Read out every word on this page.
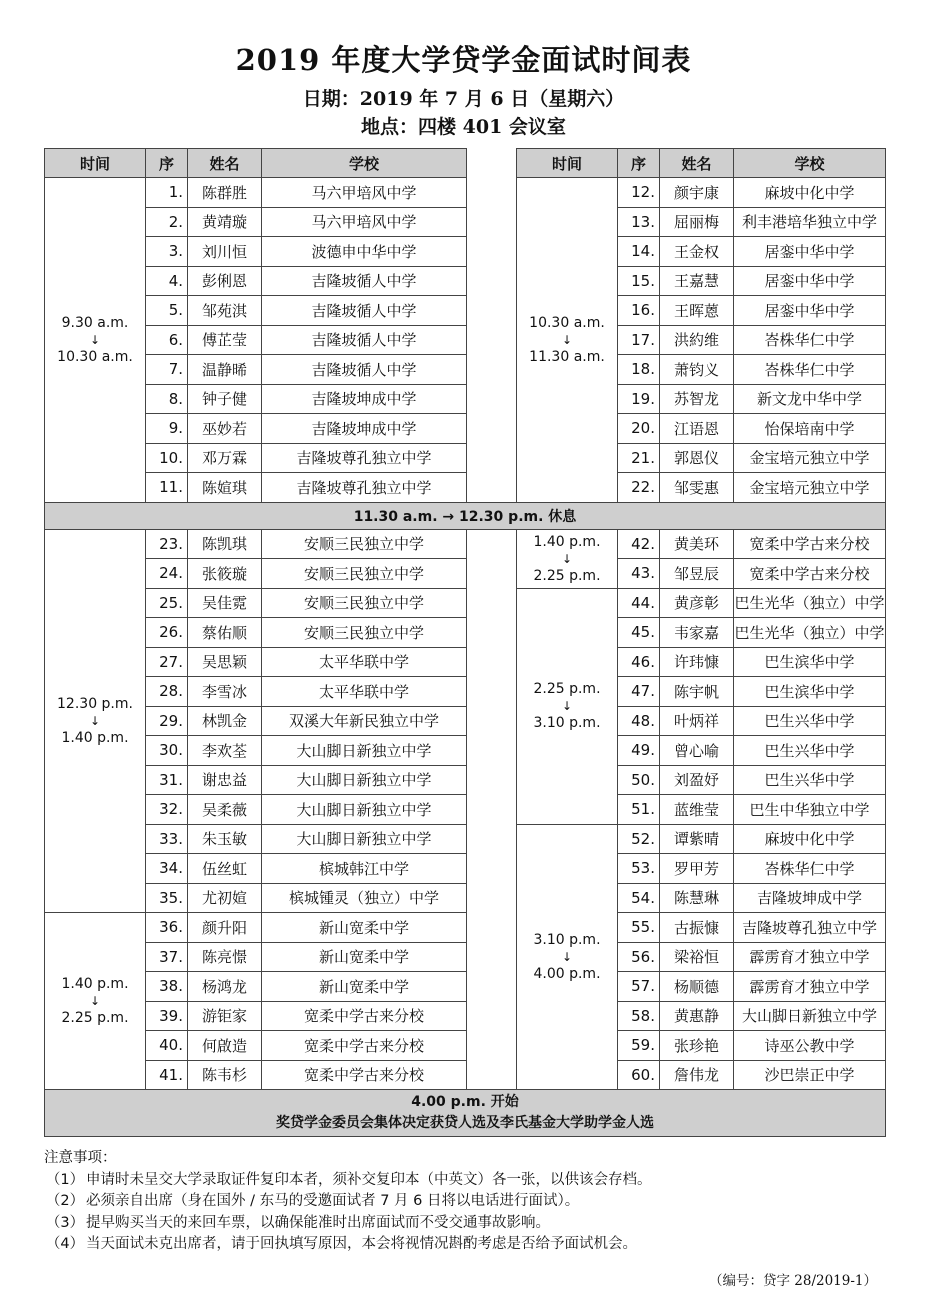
2019 年度大学贷学金面试时间表
日期：2019 年 7 月 6 日（星期六）
地点：四楼 401 会议室
时间	序	姓名	学校		时间	序	姓名	学校

9.30 a.m.
↓
10.30 a.m.	1.	陈群胜	马六甲培风中学		10.30 a.m.
↓
11.30 a.m.	12.	颜宇康	麻坡中化中学
	2.	黄靖璇	马六甲培风中学			13.	屈丽梅	利丰港培华独立中学
	3.	刘川恒	波德申中华中学			14.	王金权	居銮中华中学
	4.	彭俐恩	吉隆坡循人中学			15.	王嘉慧	居銮中华中学
	5.	邹苑淇	吉隆坡循人中学			16.	王晖蒽	居銮中华中学
	6.	傅芷莹	吉隆坡循人中学			17.	洪約维	峇株华仁中学
	7.	温静晞	吉隆坡循人中学			18.	萧钧义	峇株华仁中学
	8.	钟子健	吉隆坡坤成中学			19.	苏智龙	新文龙中华中学
	9.	巫妙若	吉隆坡坤成中学			20.	江语恩	怡保培南中学
	10.	邓万霖	吉隆坡尊孔独立中学			21.	郭恩仪	金宝培元独立中学
	11.	陈媗琪	吉隆坡尊孔独立中学			22.	邹雯惠	金宝培元独立中学
11.30 a.m. → 12.30 p.m. 休息								

12.30 p.m.
↓
1.40 p.m.	23.	陈凯琪	安顺三民独立中学		1.40 p.m.
↓
2.25 p.m.	42.	黄美环	宽柔中学古来分校
	24.	张筱璇	安顺三民独立中学			43.	邹昱辰	宽柔中学古来分校
	25.	吴佳霓	安顺三民独立中学		2.25 p.m.
↓
3.10 p.m.	44.	黄彦彰	巴生光华（独立）中学
	26.	蔡佑顺	安顺三民独立中学			45.	韦家嘉	巴生光华（独立）中学
	27.	吴思颖	太平华联中学			46.	许玮慷	巴生滨华中学
	28.	李雪冰	太平华联中学			47.	陈宇帆	巴生滨华中学
	29.	林凯金	双溪大年新民独立中学			48.	叶炳祥	巴生兴华中学
	30.	李欢荃	大山脚日新独立中学			49.	曾心喻	巴生兴华中学
	31.	谢忠益	大山脚日新独立中学			50.	刘盈妤	巴生兴华中学
	32.	吴柔薇	大山脚日新独立中学			51.	蓝维莹	巴生中华独立中学
	33.	朱玉敏	大山脚日新独立中学		3.10 p.m.
↓
4.00 p.m.	52.	谭紫晴	麻坡中化中学
	34.	伍丝虹	槟城韩江中学			53.	罗甲芳	峇株华仁中学
	35.	尤初媗	槟城锺灵（独立）中学			54.	陈慧琳	吉隆坡坤成中学

1.40 p.m.
↓
2.25 p.m.	36.	颜升阳	新山宽柔中学			55.	古振慷	吉隆坡尊孔独立中学
	37.	陈亮憬	新山宽柔中学			56.	梁裕恒	霹雳育才独立中学
	38.	杨鸿龙	新山宽柔中学			57.	杨顺德	霹雳育才独立中学
	39.	游钜家	宽柔中学古来分校			58.	黄惠静	大山脚日新独立中学
	40.	何啟造	宽柔中学古来分校			59.	张珍艳	诗巫公教中学
	41.	陈韦杉	宽柔中学古来分校			60.	詹伟龙	沙巴崇正中学

4.00 p.m. 开始
奖贷学金委员会集体决定获贷人选及李氏基金大学助学金人选								
注意事项：
（1） 申请时未呈交大学录取证件复印本者，须补交复印本（中英文）各一张，以供该会存档。
（2） 必须亲自出席（身在国外 / 东马的受邀面试者 7 月 6 日将以电话进行面试）。
（3） 提早购买当天的来回车票，以确保能准时出席面试而不受交通事故影响。
（4） 当天面试未克出席者，请于回执填写原因，本会将视情况斟酌考虑是否给予面试机会。
（编号：贷字 28/2019-1）
